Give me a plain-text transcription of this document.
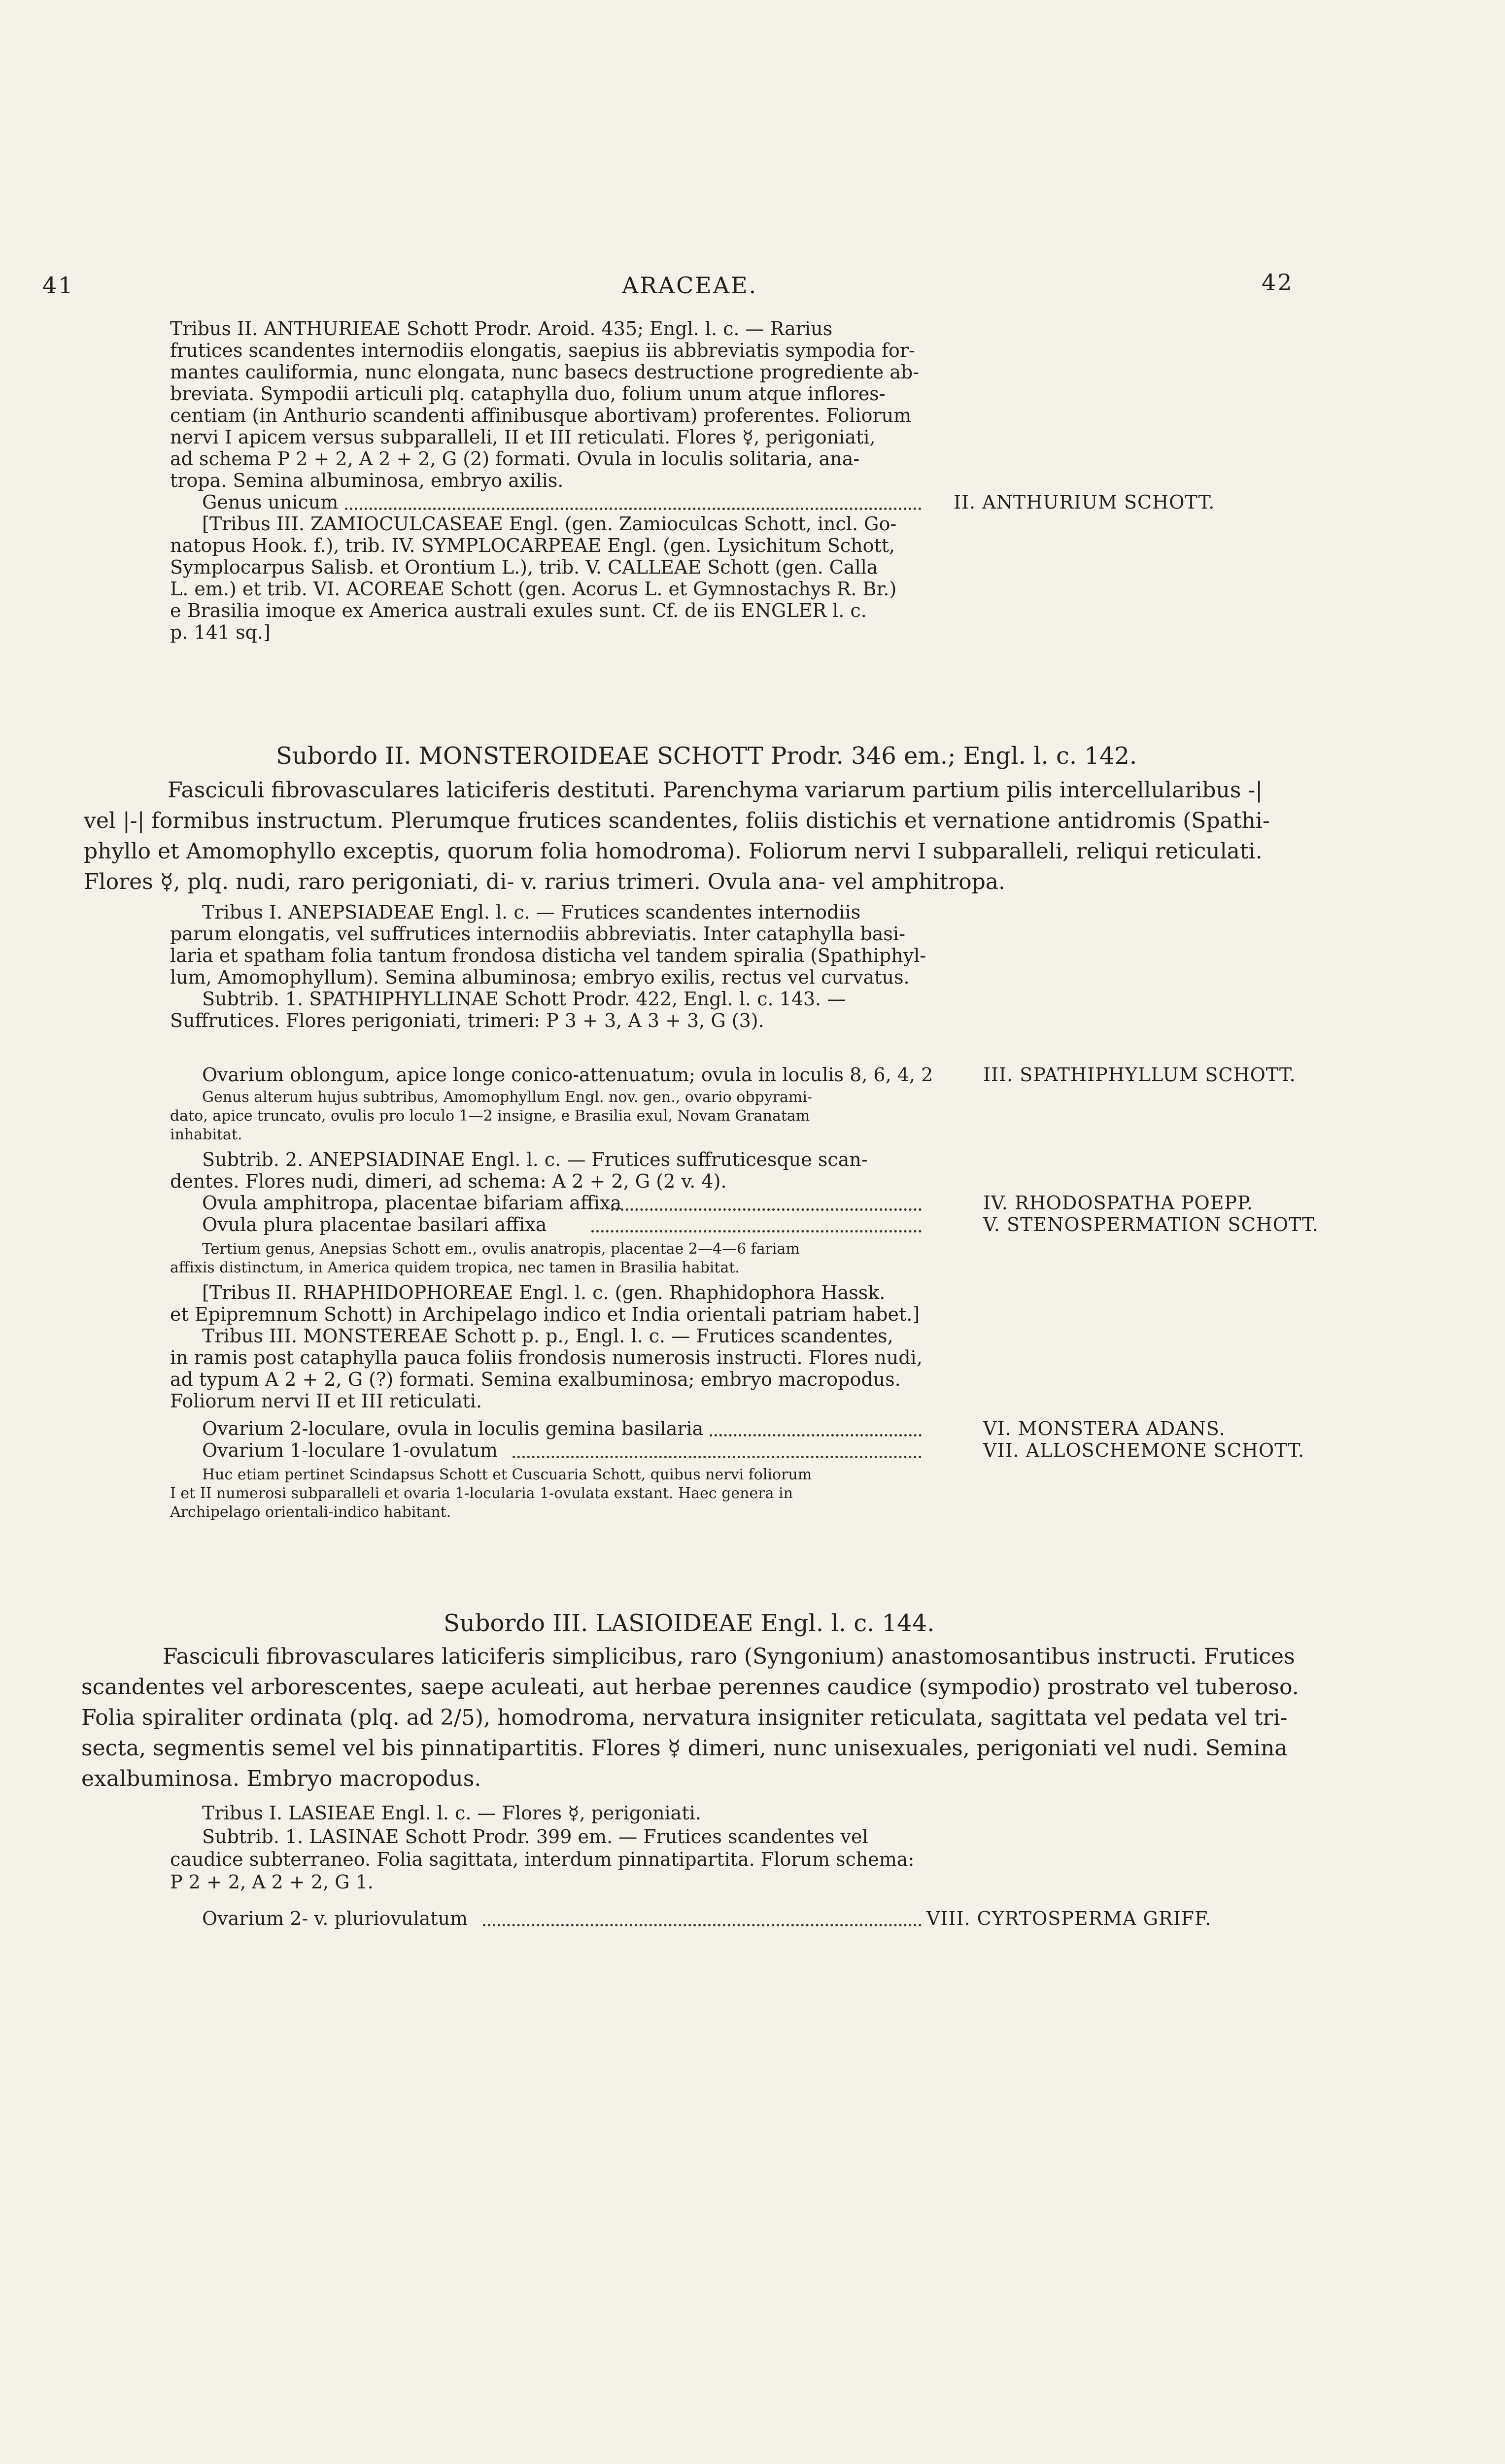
41	ARACEAE.	42
Tribus II. ANTHURIEAE Schott Prodr. Aroid. 435; Engl. l. c. — Rarius
frutices scandentes internodiis elongatis, saepius iis abbreviatis sympodia for-
mantes cauliformia, nunc elongata, nunc basecs destructione progrediente ab-
breviata. Sympodii articuli plq. cataphylla duo, folium unum atque inflores-
centiam (in Anthurio scandenti affinibusque abortivam) proferentes. Foliorum
nervi I apicem versus subparalleli, II et III reticulati. Flores ☿, perigoniati,
ad schema P 2 + 2, A 2 + 2, G (2) formati. Ovula in loculis solitaria, ana-
tropa. Semina albuminosa, embryo axilis.
Genus unicum	II. ANTHURIUM SCHOTT.
[Tribus III. ZAMIOCULCASEAE Engl. (gen. Zamioculcas Schott, incl. Go-
natopus Hook. f.), trib. IV. SYMPLOCARPEAE Engl. (gen. Lysichitum Schott,
Symplocarpus Salisb. et Orontium L.), trib. V. CALLEAE Schott (gen. Calla
L. em.) et trib. VI. ACOREAE Schott (gen. Acorus L. et Gymnostachys R. Br.)
e Brasilia imoque ex America australi exules sunt. Cf. de iis ENGLER l. c.
p. 141 sq.]
Subordo II. MONSTEROIDEAE SCHOTT Prodr. 346 em.; Engl. l. c. 142.
Fasciculi fibrovasculares laticiferis destituti. Parenchyma variarum partium pilis intercellularibus -|
vel |-| formibus instructum. Plerumque frutices scandentes, foliis distichis et vernatione antidromis (Spathi-
phyllo et Amomophyllo exceptis, quorum folia homodroma). Foliorum nervi I subparalleli, reliqui reticulati.
Flores ☿, plq. nudi, raro perigoniati, di- v. rarius trimeri. Ovula ana- vel amphitropa.
Tribus I. ANEPSIADEAE Engl. l. c. — Frutices scandentes internodiis
parum elongatis, vel suffrutices internodiis abbreviatis. Inter cataphylla basi-
laria et spatham folia tantum frondosa disticha vel tandem spiralia (Spathiphyl-
lum, Amomophyllum). Semina albuminosa; embryo exilis, rectus vel curvatus.
Subtrib. 1. SPATHIPHYLLINAE Schott Prodr. 422, Engl. l. c. 143. —
Suffrutices. Flores perigoniati, trimeri: P 3 + 3, A 3 + 3, G (3).
Ovarium oblongum, apice longe conico-attenuatum; ovula in loculis 8, 6, 4, 2	III. SPATHIPHYLLUM SCHOTT.
Genus alterum hujus subtribus, Amomophyllum Engl. nov. gen., ovario obpyrami-
dato, apice truncato, ovulis pro loculo 1—2 insigne, e Brasilia exul, Novam Granatam
inhabitat.
Subtrib. 2. ANEPSIADINAE Engl. l. c. — Frutices suffruticesque scan-
dentes. Flores nudi, dimeri, ad schema: A 2 + 2, G (2 v. 4).
Ovula amphitropa, placentae bifariam affixa	IV. RHODOSPATHA POEPP.
Ovula plura placentae basilari affixa	V. STENOSPERMATION SCHOTT.
Tertium genus, Anepsias Schott em., ovulis anatropis, placentae 2—4—6 fariam
affixis distinctum, in America quidem tropica, nec tamen in Brasilia habitat.
[Tribus II. RHAPHIDOPHOREAE Engl. l. c. (gen. Rhaphidophora Hassk.
et Epipremnum Schott) in Archipelago indico et India orientali patriam habet.]
Tribus III. MONSTEREAE Schott p. p., Engl. l. c. — Frutices scandentes,
in ramis post cataphylla pauca foliis frondosis numerosis instructi. Flores nudi,
ad typum A 2 + 2, G (?) formati. Semina exalbuminosa; embryo macropodus.
Foliorum nervi II et III reticulati.
Ovarium 2-loculare, ovula in loculis gemina basilaria	VI. MONSTERA ADANS.
Ovarium 1-loculare 1-ovulatum	VII. ALLOSCHEMONE SCHOTT.
Huc etiam pertinet Scindapsus Schott et Cuscuaria Schott, quibus nervi foliorum
I et II numerosi subparalleli et ovaria 1-locularia 1-ovulata exstant. Haec genera in
Archipelago orientali-indico habitant.
Subordo III. LASIOIDEAE Engl. l. c. 144.
Fasciculi fibrovasculares laticiferis simplicibus, raro (Syngonium) anastomosantibus instructi. Frutices
scandentes vel arborescentes, saepe aculeati, aut herbae perennes caudice (sympodio) prostrato vel tuberoso.
Folia spiraliter ordinata (plq. ad 2/5), homodroma, nervatura insigniter reticulata, sagittata vel pedata vel tri-
secta, segmentis semel vel bis pinnatipartitis. Flores ☿ dimeri, nunc unisexuales, perigoniati vel nudi. Semina
exalbuminosa. Embryo macropodus.
Tribus I. LASIEAE Engl. l. c. — Flores ☿, perigoniati.
Subtrib. 1. LASINAE Schott Prodr. 399 em. — Frutices scandentes vel
caudice subterraneo. Folia sagittata, interdum pinnatipartita. Florum schema:
P 2 + 2, A 2 + 2, G 1.
Ovarium 2- v. pluriovulatum	VIII. CYRTOSPERMA GRIFF.
